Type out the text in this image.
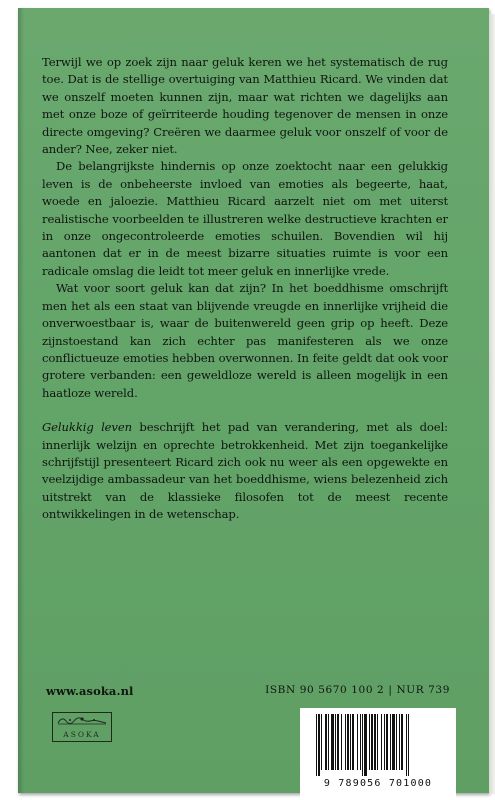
Terwijl we op zoek zijn naar geluk keren we het systematisch de rug toe. Dat is de stellige overtuiging van Matthieu Ricard. We vinden dat we onszelf moeten kunnen zijn, maar wat richten we dagelijks aan met onze boze of geïrriteerde houding tegenover de mensen in onze directe omgeving? Creëren we daarmee geluk voor onszelf of voor de ander? Nee, zeker niet.

De belangrijkste hindernis op onze zoektocht naar een gelukkig leven is de onbeheerste invloed van emoties als begeerte, haat, woede en jaloezie. Matthieu Ricard aarzelt niet om met uiterst realistische voorbeelden te illustreren welke destructieve krachten er in onze ongecontroleerde emoties schuilen. Bovendien wil hij aantonen dat er in de meest bizarre situaties ruimte is voor een radicale omslag die leidt tot meer geluk en innerlijke vrede.

Wat voor soort geluk kan dat zijn? In het boeddhisme omschrijft men het als een staat van blijvende vreugde en innerlijke vrijheid die onverwoestbaar is, waar de buitenwereld geen grip op heeft. Deze zijnstoestand kan zich echter pas manifesteren als we onze conflictueuze emoties hebben overwonnen. In feite geldt dat ook voor grotere verbanden: een geweldloze wereld is alleen mogelijk in een haatloze wereld.

Gelukkig leven beschrijft het pad van verandering, met als doel: innerlijk welzijn en oprechte betrokkenheid. Met zijn toegankelijke schrijfstijl presenteert Ricard zich ook nu weer als een opgewekte en veelzijdige ambassadeur van het boeddhisme, wiens belezenheid zich uitstrekt van de klassieke filosofen tot de meest recente ontwikkelingen in de wetenschap.

www.asoka.nl	ISBN 90 5670 100 2 | NUR 739
ASOKA
9 789056 701000
